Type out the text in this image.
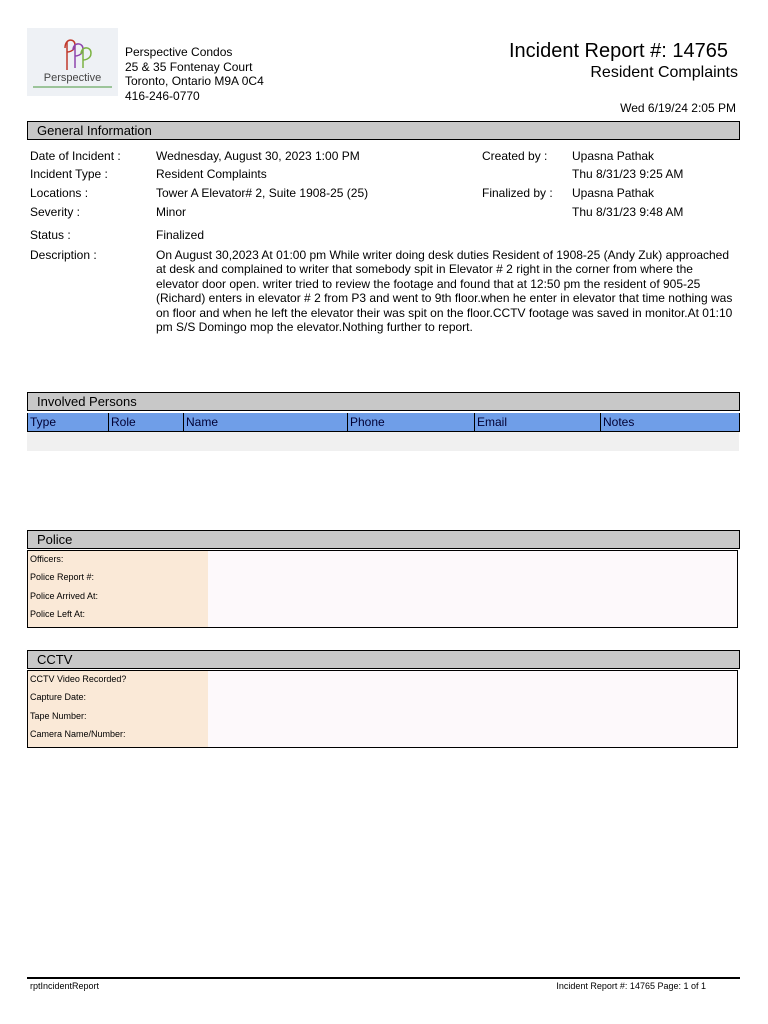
Perspective
Perspective Condos
25 & 35 Fontenay Court
Toronto, Ontario M9A 0C4
416-246-0770
Incident Report #: 14765
Resident Complaints
Wed 6/19/24 2:05 PM
General Information
Date of Incident :	Wednesday, August 30, 2023 1:00 PM
Incident Type :	Resident Complaints
Locations :	Tower A Elevator# 2, Suite 1908-25 (25)
Severity :	Minor
Status :	Finalized
Description :	On August 30,2023 At 01:00 pm While writer doing desk duties Resident of 1908-25 (Andy Zuk) approached at desk and complained to writer that somebody spit in Elevator # 2 right in the corner from where the elevator door open. writer tried to review the footage and found that at 12:50 pm the resident of 905-25 (Richard) enters in elevator # 2 from P3 and went to 9th floor.when he enter in elevator that time nothing was on floor and when he left the elevator their was spit on the floor.CCTV footage was saved in monitor.At 01:10 pm S/S Domingo mop the elevator.Nothing further to report.
Created by : Upasna Pathak
Thu 8/31/23 9:25 AM
Finalized by : Upasna Pathak
Thu 8/31/23 9:48 AM
Involved Persons
Type	Role	Name	Phone	Email	Notes
Police
Officers:
Police Report #:
Police Arrived At:
Police Left At:
CCTV
CCTV Video Recorded?
Capture Date:
Tape Number:
Camera Name/Number:
rptIncidentReport	Incident Report #: 14765 Page: 1 of 1
